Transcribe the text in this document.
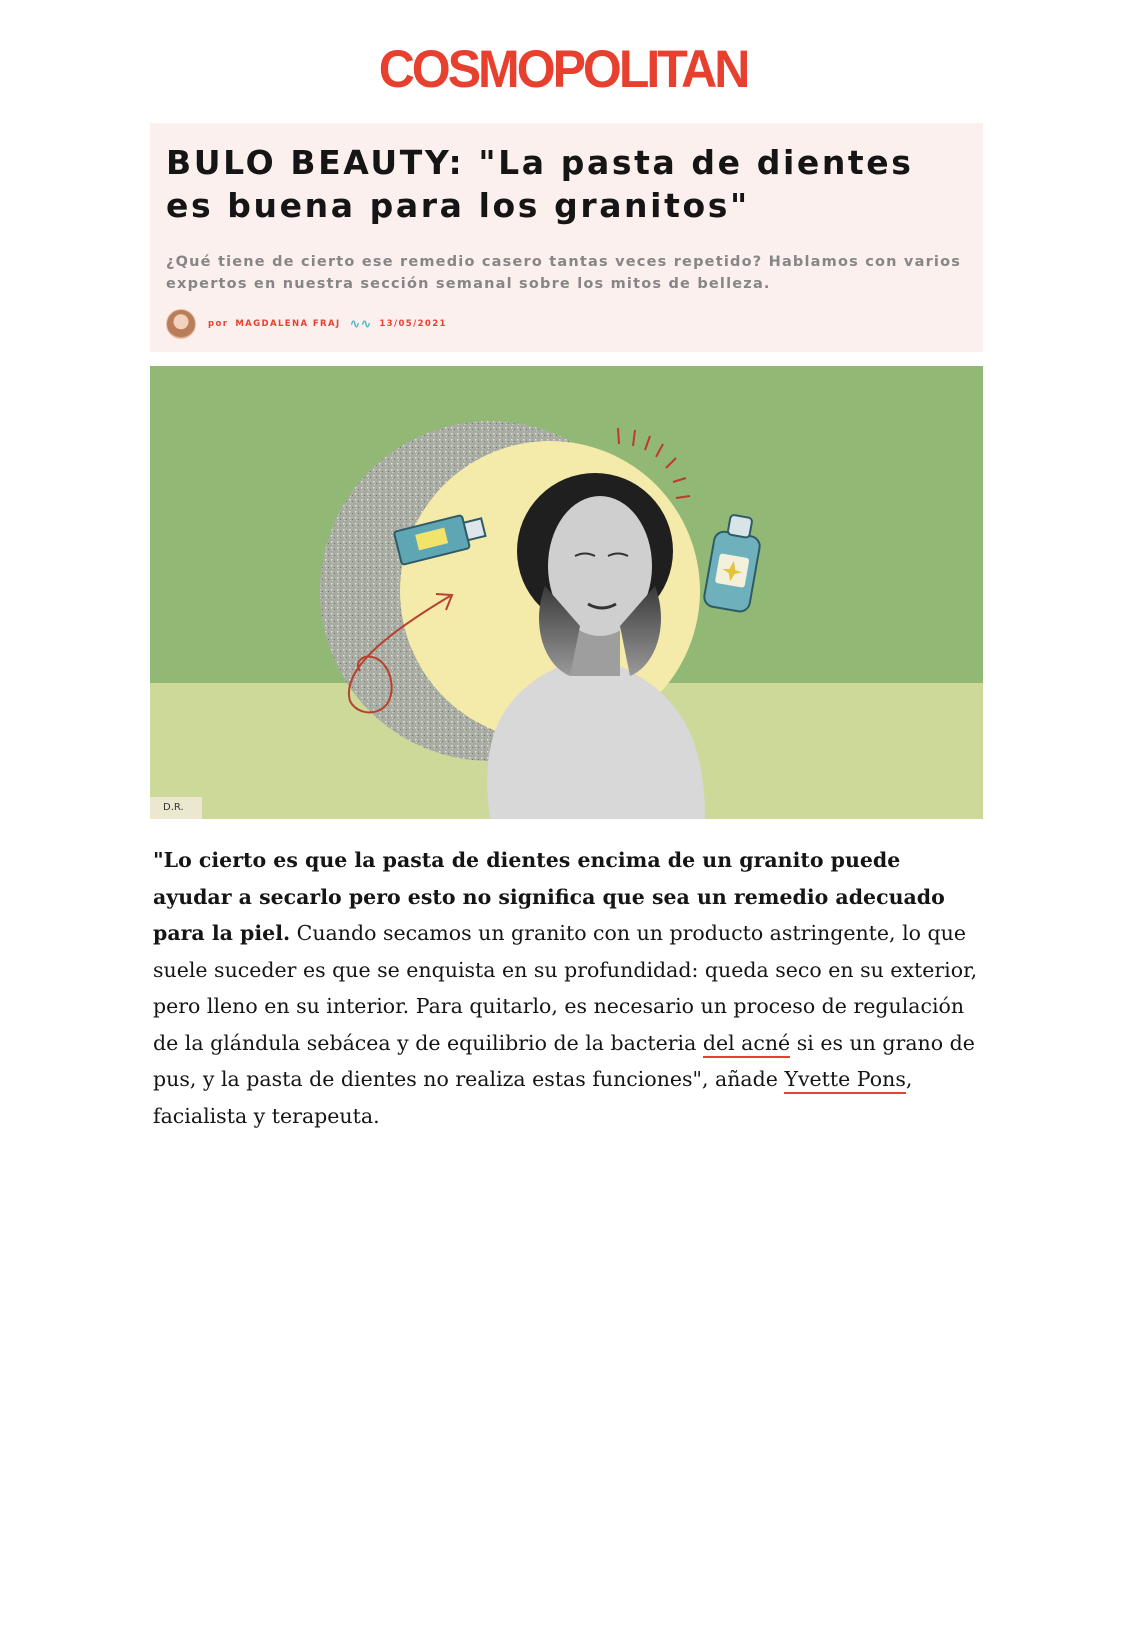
COSMOPOLITAN
BULO BEAUTY: "La pasta de dientes es buena para los granitos"

¿Qué tiene de cierto ese remedio casero tantas veces repetido? Hablamos con varios expertos en nuestra sección semanal sobre los mitos de belleza.

por MAGDALENA FRAJ ∿∿ 13/05/2021
D.R.

"Lo cierto es que la pasta de dientes encima de un granito puede ayudar a secarlo pero esto no significa que sea un remedio adecuado para la piel. Cuando secamos un granito con un producto astringente, lo que suele suceder es que se enquista en su profundidad: queda seco en su exterior, pero lleno en su interior. Para quitarlo, es necesario un proceso de regulación de la glándula sebácea y de equilibrio de la bacteria del acné si es un grano de pus, y la pasta de dientes no realiza estas funciones", añade Yvette Pons, facialista y terapeuta.
